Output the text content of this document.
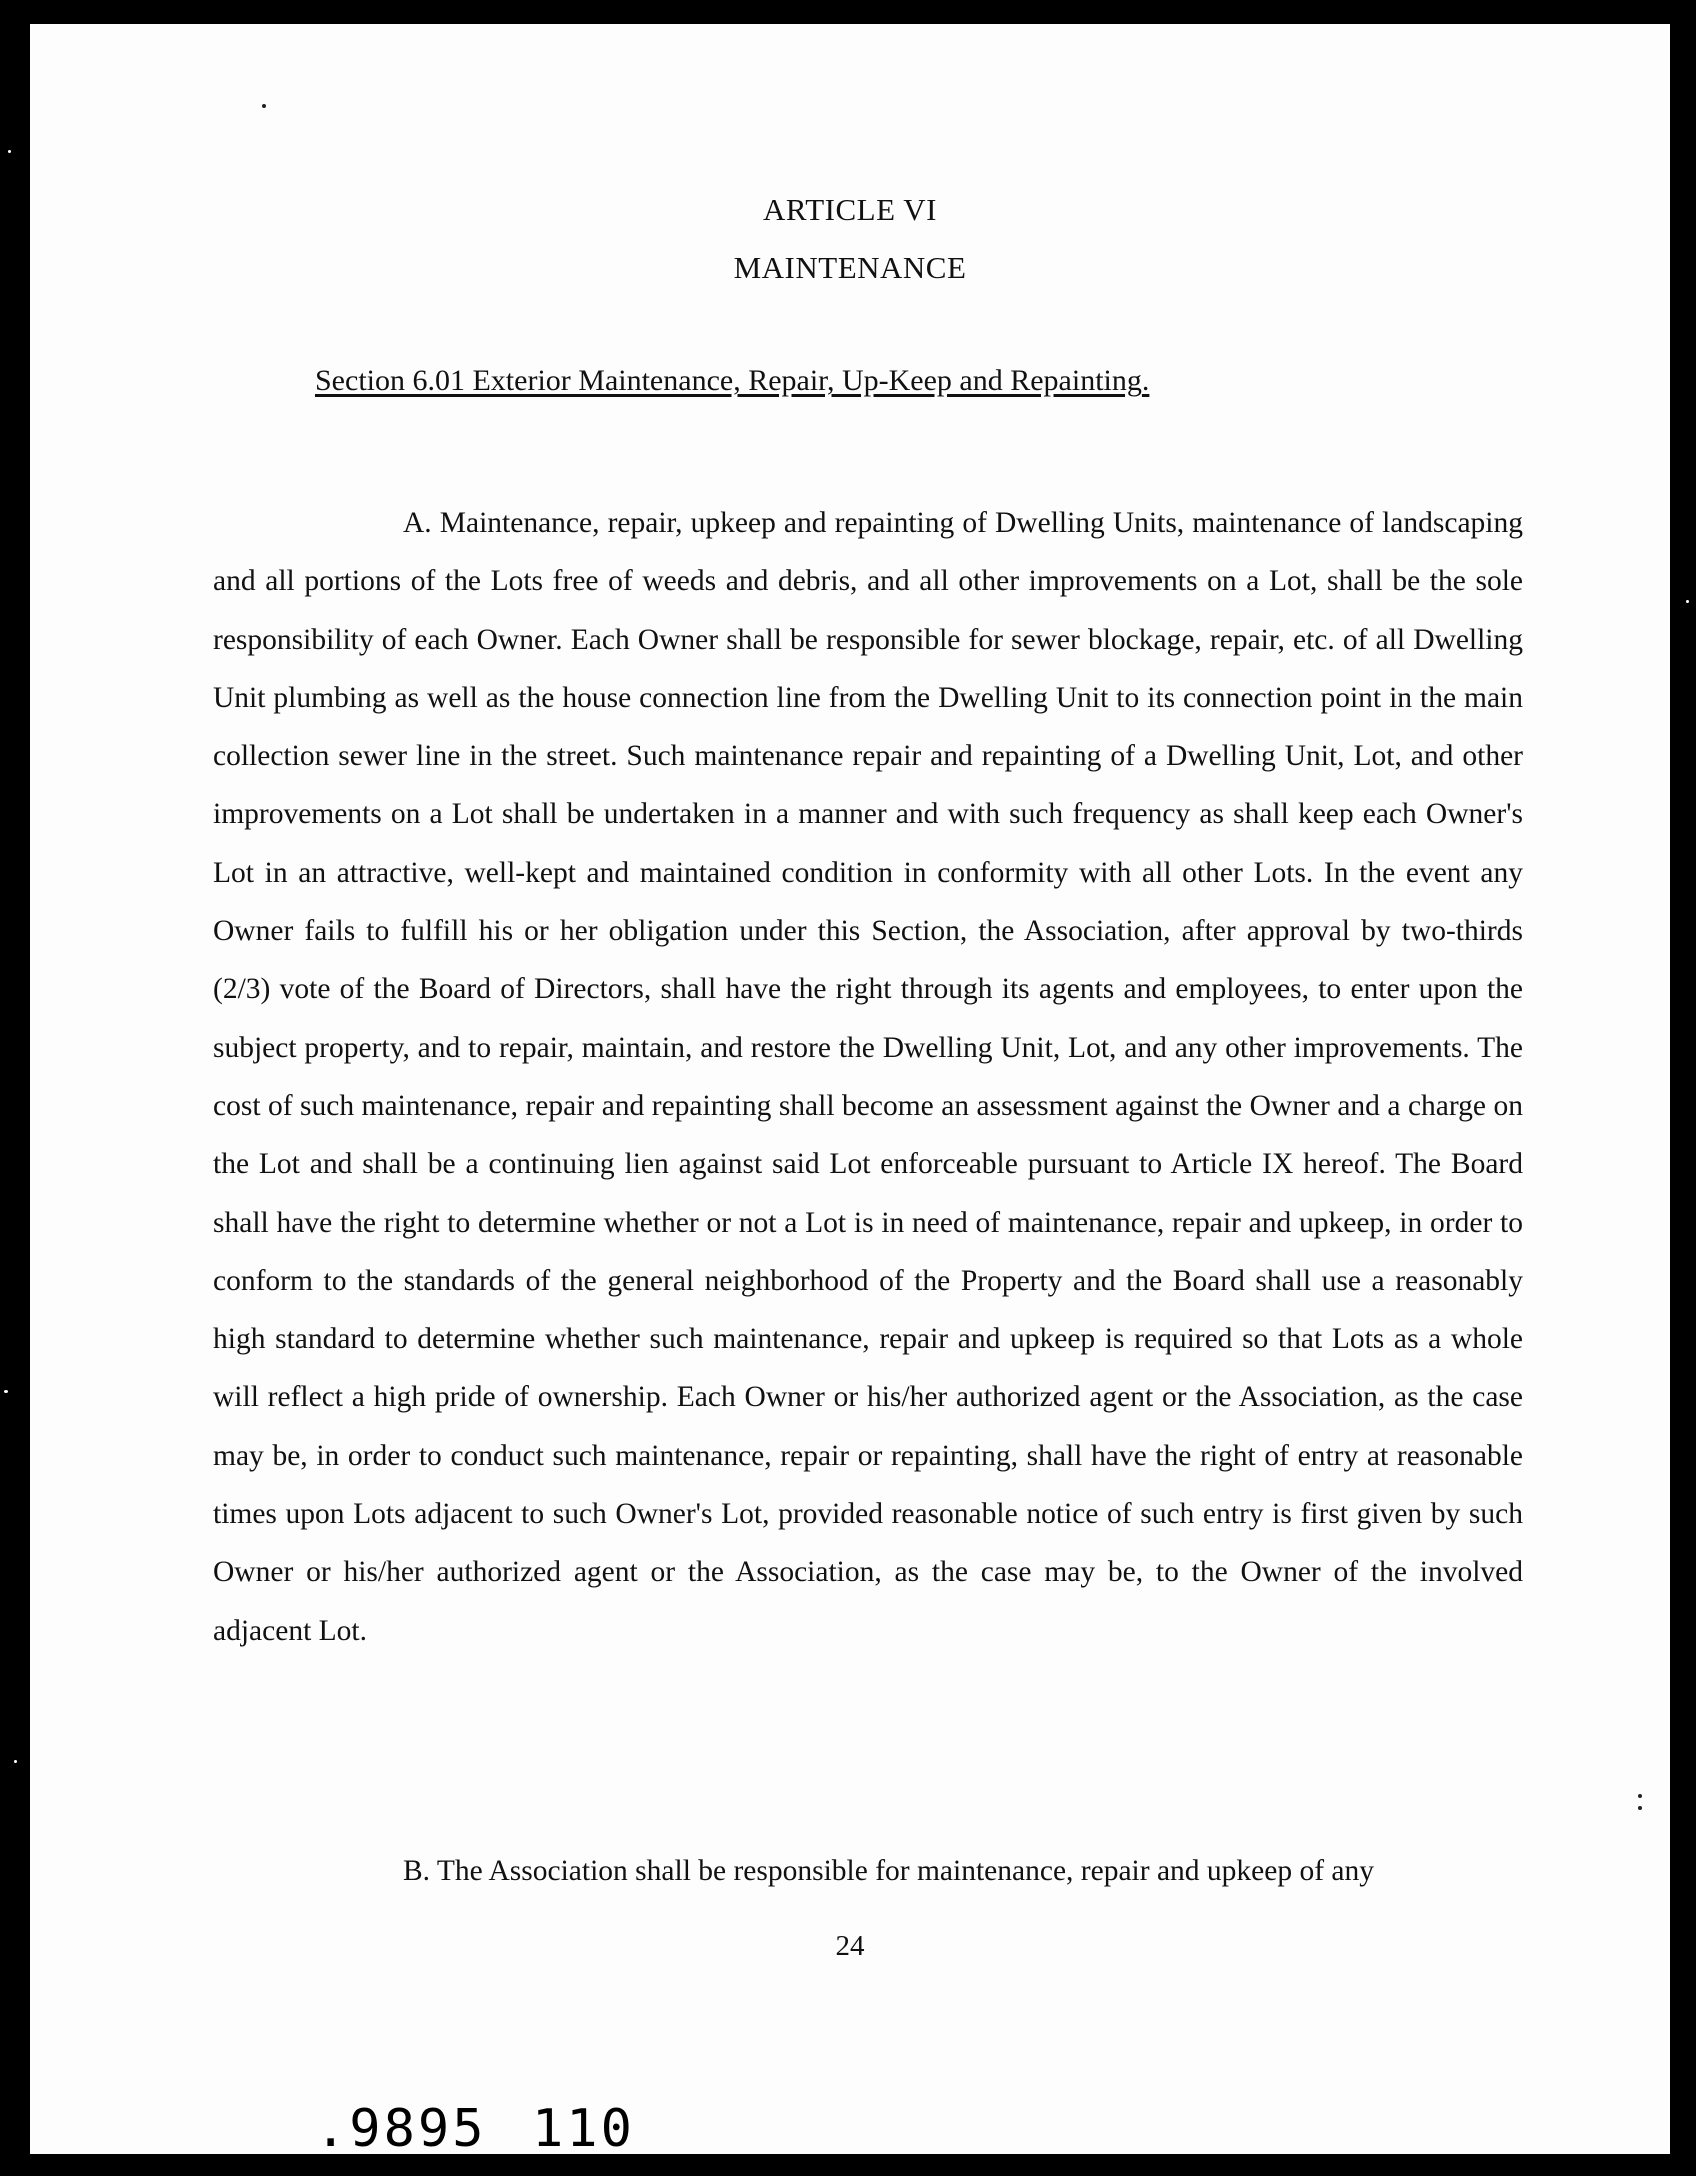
ARTICLE VI
MAINTENANCE
Section 6.01 Exterior Maintenance, Repair, Up-Keep and Repainting.

A. Maintenance, repair, upkeep and repainting of Dwelling Units, maintenance of landscaping and all portions of the Lots free of weeds and debris, and all other improvements on a Lot, shall be the sole responsibility of each Owner. Each Owner shall be responsible for sewer blockage, repair, etc. of all Dwelling Unit plumbing as well as the house connection line from the Dwelling Unit to its connection point in the main collection sewer line in the street. Such maintenance repair and repainting of a Dwelling Unit, Lot, and other improvements on a Lot shall be undertaken in a manner and with such frequency as shall keep each Owner's Lot in an attractive, well-kept and maintained condition in conformity with all other Lots. In the event any Owner fails to fulfill his or her obligation under this Section, the Association, after approval by two-thirds (2/3) vote of the Board of Directors, shall have the right through its agents and employees, to enter upon the subject property, and to repair, maintain, and restore the Dwelling Unit, Lot, and any other improvements. The cost of such maintenance, repair and repainting shall become an assessment against the Owner and a charge on the Lot and shall be a continuing lien against said Lot enforceable pursuant to Article IX hereof. The Board shall have the right to determine whether or not a Lot is in need of maintenance, repair and upkeep, in order to conform to the standards of the general neighborhood of the Property and the Board shall use a reasonably high standard to determine whether such maintenance, repair and upkeep is required so that Lots as a whole will reflect a high pride of ownership. Each Owner or his/her authorized agent or the Association, as the case may be, in order to conduct such maintenance, repair or repainting, shall have the right of entry at reasonable times upon Lots adjacent to such Owner's Lot, provided reasonable notice of such entry is first given by such Owner or his/her authorized agent or the Association, as the case may be, to the Owner of the involved adjacent Lot.

B. The Association shall be responsible for maintenance, repair and upkeep of any

24
.9895 110
